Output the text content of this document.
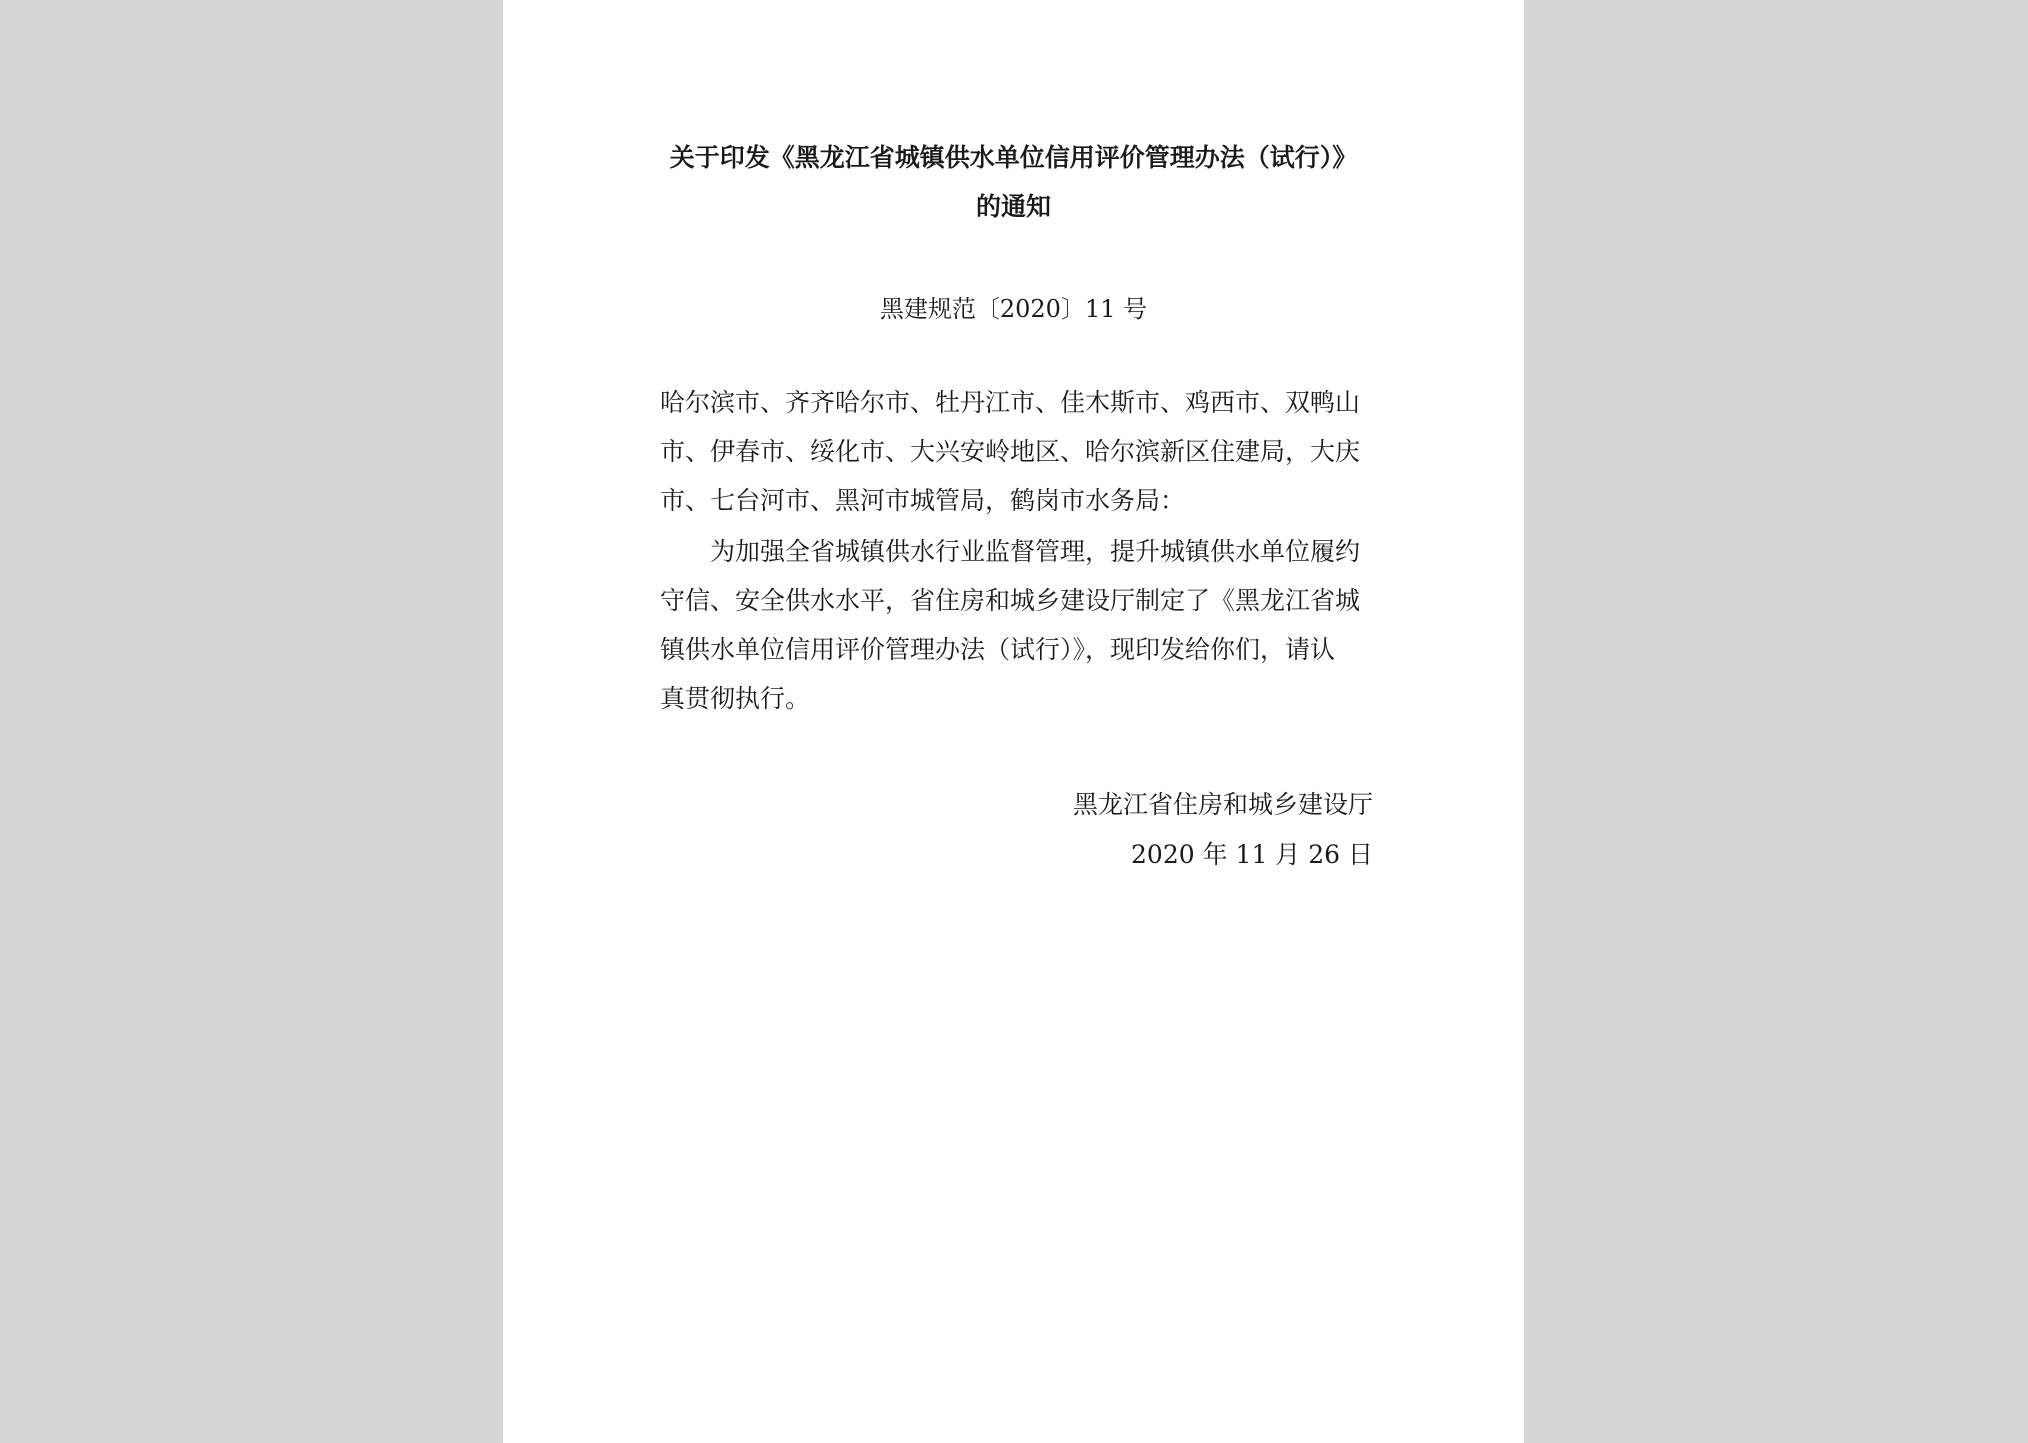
关于印发《黑龙江省城镇供水单位信用评价管理办法（试行）》
的通知
黑建规范〔2020〕11 号
哈尔滨市、齐齐哈尔市、牡丹江市、佳木斯市、鸡西市、双鸭山
市、伊春市、绥化市、大兴安岭地区、哈尔滨新区住建局，大庆
市、七台河市、黑河市城管局，鹤岗市水务局：
为加强全省城镇供水行业监督管理，提升城镇供水单位履约
守信、安全供水水平，省住房和城乡建设厅制定了《黑龙江省城
镇供水单位信用评价管理办法（试行）》，现印发给你们，请认
真贯彻执行。
黑龙江省住房和城乡建设厅
2020 年 11 月 26 日
